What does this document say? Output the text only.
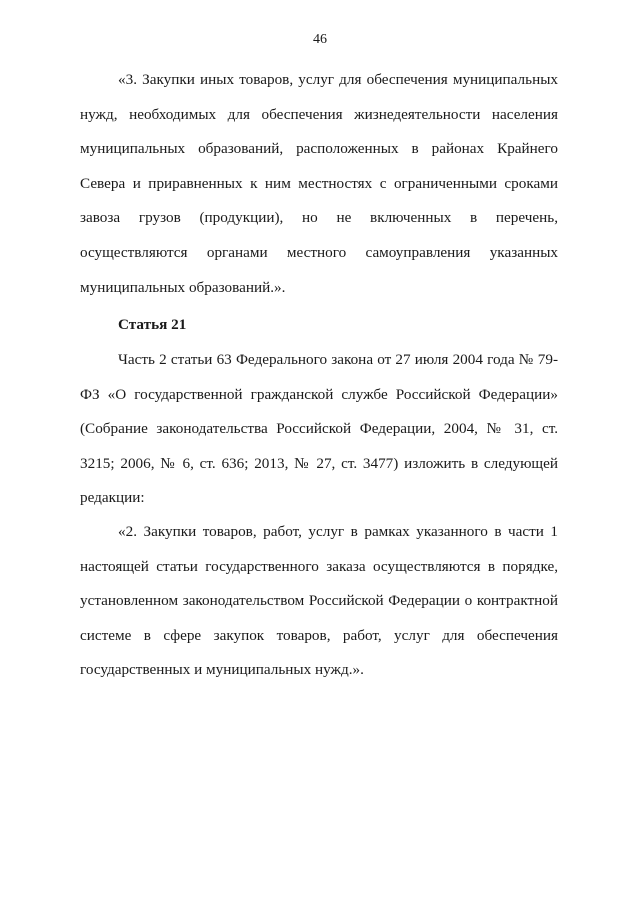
46

«3. Закупки иных товаров, услуг для обеспечения муниципальных нужд, необходимых для обеспечения жизнедеятельности населения муниципальных образований, расположенных в районах Крайнего Севера и приравненных к ним местностях с ограниченными сроками завоза грузов (продукции), но не включенных в перечень, осуществляются органами местного самоуправления указанных муниципальных образований.».

Статья 21

Часть 2 статьи 63 Федерального закона от 27 июля 2004 года № 79-ФЗ «О государственной гражданской службе Российской Федерации» (Собрание законодательства Российской Федерации, 2004, № 31, ст. 3215; 2006, № 6, ст. 636; 2013, № 27, ст. 3477) изложить в следующей редакции:

«2. Закупки товаров, работ, услуг в рамках указанного в части 1 настоящей статьи государственного заказа осуществляются в порядке, установленном законодательством Российской Федерации о контрактной системе в сфере закупок товаров, работ, услуг для обеспечения государственных и муниципальных нужд.».
